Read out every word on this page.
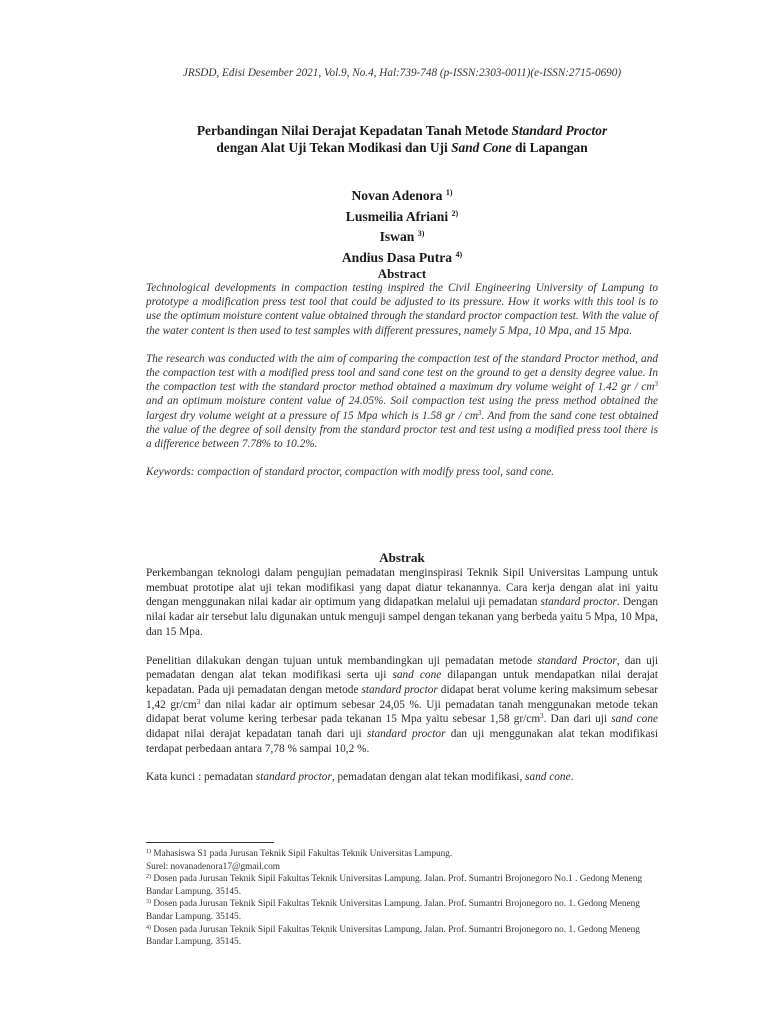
JRSDD, Edisi Desember 2021, Vol.9, No.4, Hal:739-748 (p-ISSN:2303-0011)(e-ISSN:2715-0690)
Perbandingan Nilai Derajat Kepadatan Tanah Metode Standard Proctor
dengan Alat Uji Tekan Modikasi dan Uji Sand Cone di Lapangan
Novan Adenora $^{1)}$
Lusmeilia Afriani $^{2)}$
Iswan $^{3)}$
Andius Dasa Putra $^{4)}$
Abstract

Technological developments in compaction testing inspired the Civil Engineering University of Lampung to prototype a modification press test tool that could be adjusted to its pressure. How it works with this tool is to use the optimum moisture content value obtained through the standard proctor compaction test. With the value of the water content is then used to test samples with different pressures, namely 5 Mpa, 10 Mpa, and 15 Mpa.

The research was conducted with the aim of comparing the compaction test of the standard Proctor method, and the compaction test with a modified press tool and sand cone test on the ground to get a density degree value. In the compaction test with the standard proctor method obtained a maximum dry volume weight of 1.42 gr / $cm^3$ and an optimum moisture content value of 24.05%. Soil compaction test using the press method obtained the largest dry volume weight at a pressure of 15 Mpa which is 1.58 gr / $cm^3$. And from the sand cone test obtained the value of the degree of soil density from the standard proctor test and test using a modified press tool there is a difference between 7.78% to 10.2%.

Keywords: compaction of standard proctor, compaction with modify press tool, sand cone.

Abstrak

Perkembangan teknologi dalam pengujian pemadatan menginspirasi Teknik Sipil Universitas Lampung untuk membuat prototipe alat uji tekan modifikasi yang dapat diatur tekanannya. Cara kerja dengan alat ini yaitu dengan menggunakan nilai kadar air optimum yang didapatkan melalui uji pemadatan standard proctor. Dengan nilai kadar air tersebut lalu digunakan untuk menguji sampel dengan tekanan yang berbeda yaitu 5 Mpa, 10 Mpa, dan 15 Mpa.

Penelitian dilakukan dengan tujuan untuk membandingkan uji pemadatan metode standard Proctor, dan uji pemadatan dengan alat tekan modifikasi serta uji sand cone dilapangan untuk mendapatkan nilai derajat kepadatan. Pada uji pemadatan dengan metode standard proctor didapat berat volume kering maksimum sebesar 1,42 $gr/cm^3$ dan nilai kadar air optimum sebesar 24,05 %. Uji pemadatan tanah menggunakan metode tekan didapat berat volume kering terbesar pada tekanan 15 Mpa yaitu sebesar 1,58 $gr/cm^3$. Dan dari uji sand cone didapat nilai derajat kepadatan tanah dari uji standard proctor dan uji menggunakan alat tekan modifikasi terdapat perbedaan antara 7,78 % sampai 10,2 %.

Kata kunci : pemadatan standard proctor, pemadatan dengan alat tekan modifikasi, sand cone.

$^{1)}$ Mahasiswa S1 pada Jurusan Teknik Sipil Fakultas Teknik Universitas Lampung.
Surel: novanadenora17@gmail.com
$^{2)}$ Dosen pada Jurusan Teknik Sipil Fakultas Teknik Universitas Lampung. Jalan. Prof. Sumantri Brojonegoro No.1 . Gedong Meneng Bandar Lampung. 35145.
$^{3)}$ Dosen pada Jurusan Teknik Sipil Fakultas Teknik Universitas Lampung. Jalan. Prof. Sumantri Brojonegoro no. 1. Gedong Meneng Bandar Lampung. 35145.
$^{4)}$ Dosen pada Jurusan Teknik Sipil Fakultas Teknik Universitas Lampung. Jalan. Prof. Sumantri Brojonegoro no. 1. Gedong Meneng Bandar Lampung. 35145.
